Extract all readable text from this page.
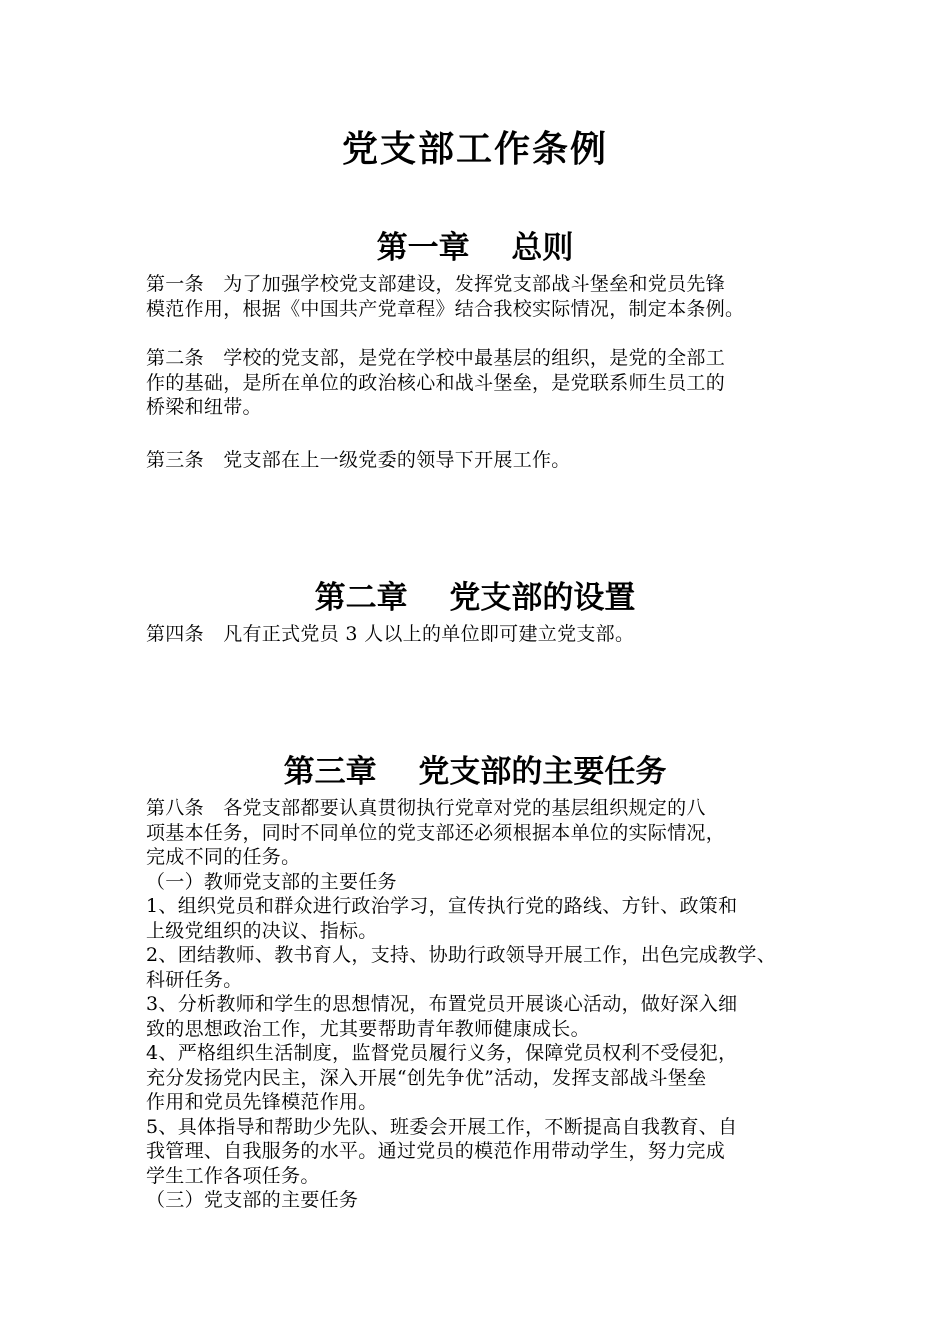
党支部工作条例
第一章　 总则

第一条　为了加强学校党支部建设，发挥党支部战斗堡垒和党员先锋

模范作用，根据《中国共产党章程》结合我校实际情况，制定本条例。

第二条　学校的党支部，是党在学校中最基层的组织，是党的全部工

作的基础，是所在单位的政治核心和战斗堡垒，是党联系师生员工的

桥梁和纽带。

第三条　党支部在上一级党委的领导下开展工作。

第二章　 党支部的设置

第四条　凡有正式党员 3 人以上的单位即可建立党支部。

第三章　 党支部的主要任务

第八条　各党支部都要认真贯彻执行党章对党的基层组织规定的八

项基本任务，同时不同单位的党支部还必须根据本单位的实际情况，

完成不同的任务。

（一）教师党支部的主要任务

1、组织党员和群众进行政治学习，宣传执行党的路线、方针、政策和

上级党组织的决议、指标。

2、团结教师、教书育人，支持、协助行政领导开展工作，出色完成教学、

科研任务。

3、分析教师和学生的思想情况，布置党员开展谈心活动，做好深入细

致的思想政治工作，尤其要帮助青年教师健康成长。

4、严格组织生活制度，监督党员履行义务，保障党员权利不受侵犯，

充分发扬党内民主，深入开展“创先争优”活动，发挥支部战斗堡垒

作用和党员先锋模范作用。

5、具体指导和帮助少先队、班委会开展工作，不断提高自我教育、自

我管理、自我服务的水平。通过党员的模范作用带动学生，努力完成

学生工作各项任务。

（三）党支部的主要任务
